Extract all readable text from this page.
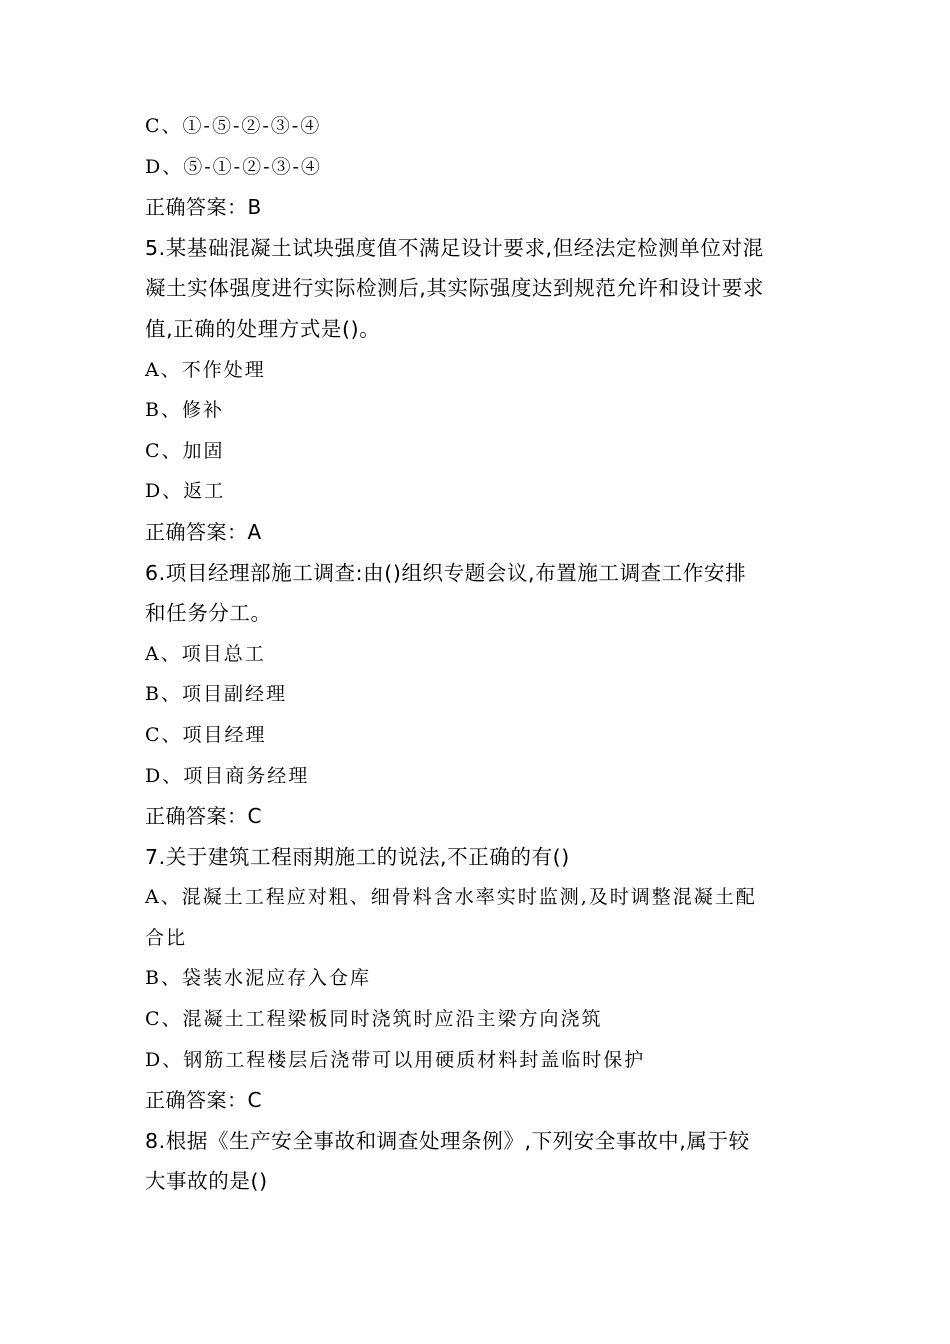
C、①-⑤-②-③-④
D、⑤-①-②-③-④
正确答案：B
5.某基础混凝土试块强度值不满足设计要求,但经法定检测单位对混
凝土实体强度进行实际检测后,其实际强度达到规范允许和设计要求
值,正确的处理方式是()。
A、不作处理
B、修补
C、加固
D、返工
正确答案：A
6.项目经理部施工调查:由()组织专题会议,布置施工调查工作安排
和任务分工。
A、项目总工
B、项目副经理
C、项目经理
D、项目商务经理
正确答案：C
7.关于建筑工程雨期施工的说法,不正确的有()
A、混凝土工程应对粗、细骨料含水率实时监测,及时调整混凝土配
合比
B、袋装水泥应存入仓库
C、混凝土工程梁板同时浇筑时应沿主梁方向浇筑
D、钢筋工程楼层后浇带可以用硬质材料封盖临时保护
正确答案：C
8.根据《生产安全事故和调查处理条例》,下列安全事故中,属于较
大事故的是()
